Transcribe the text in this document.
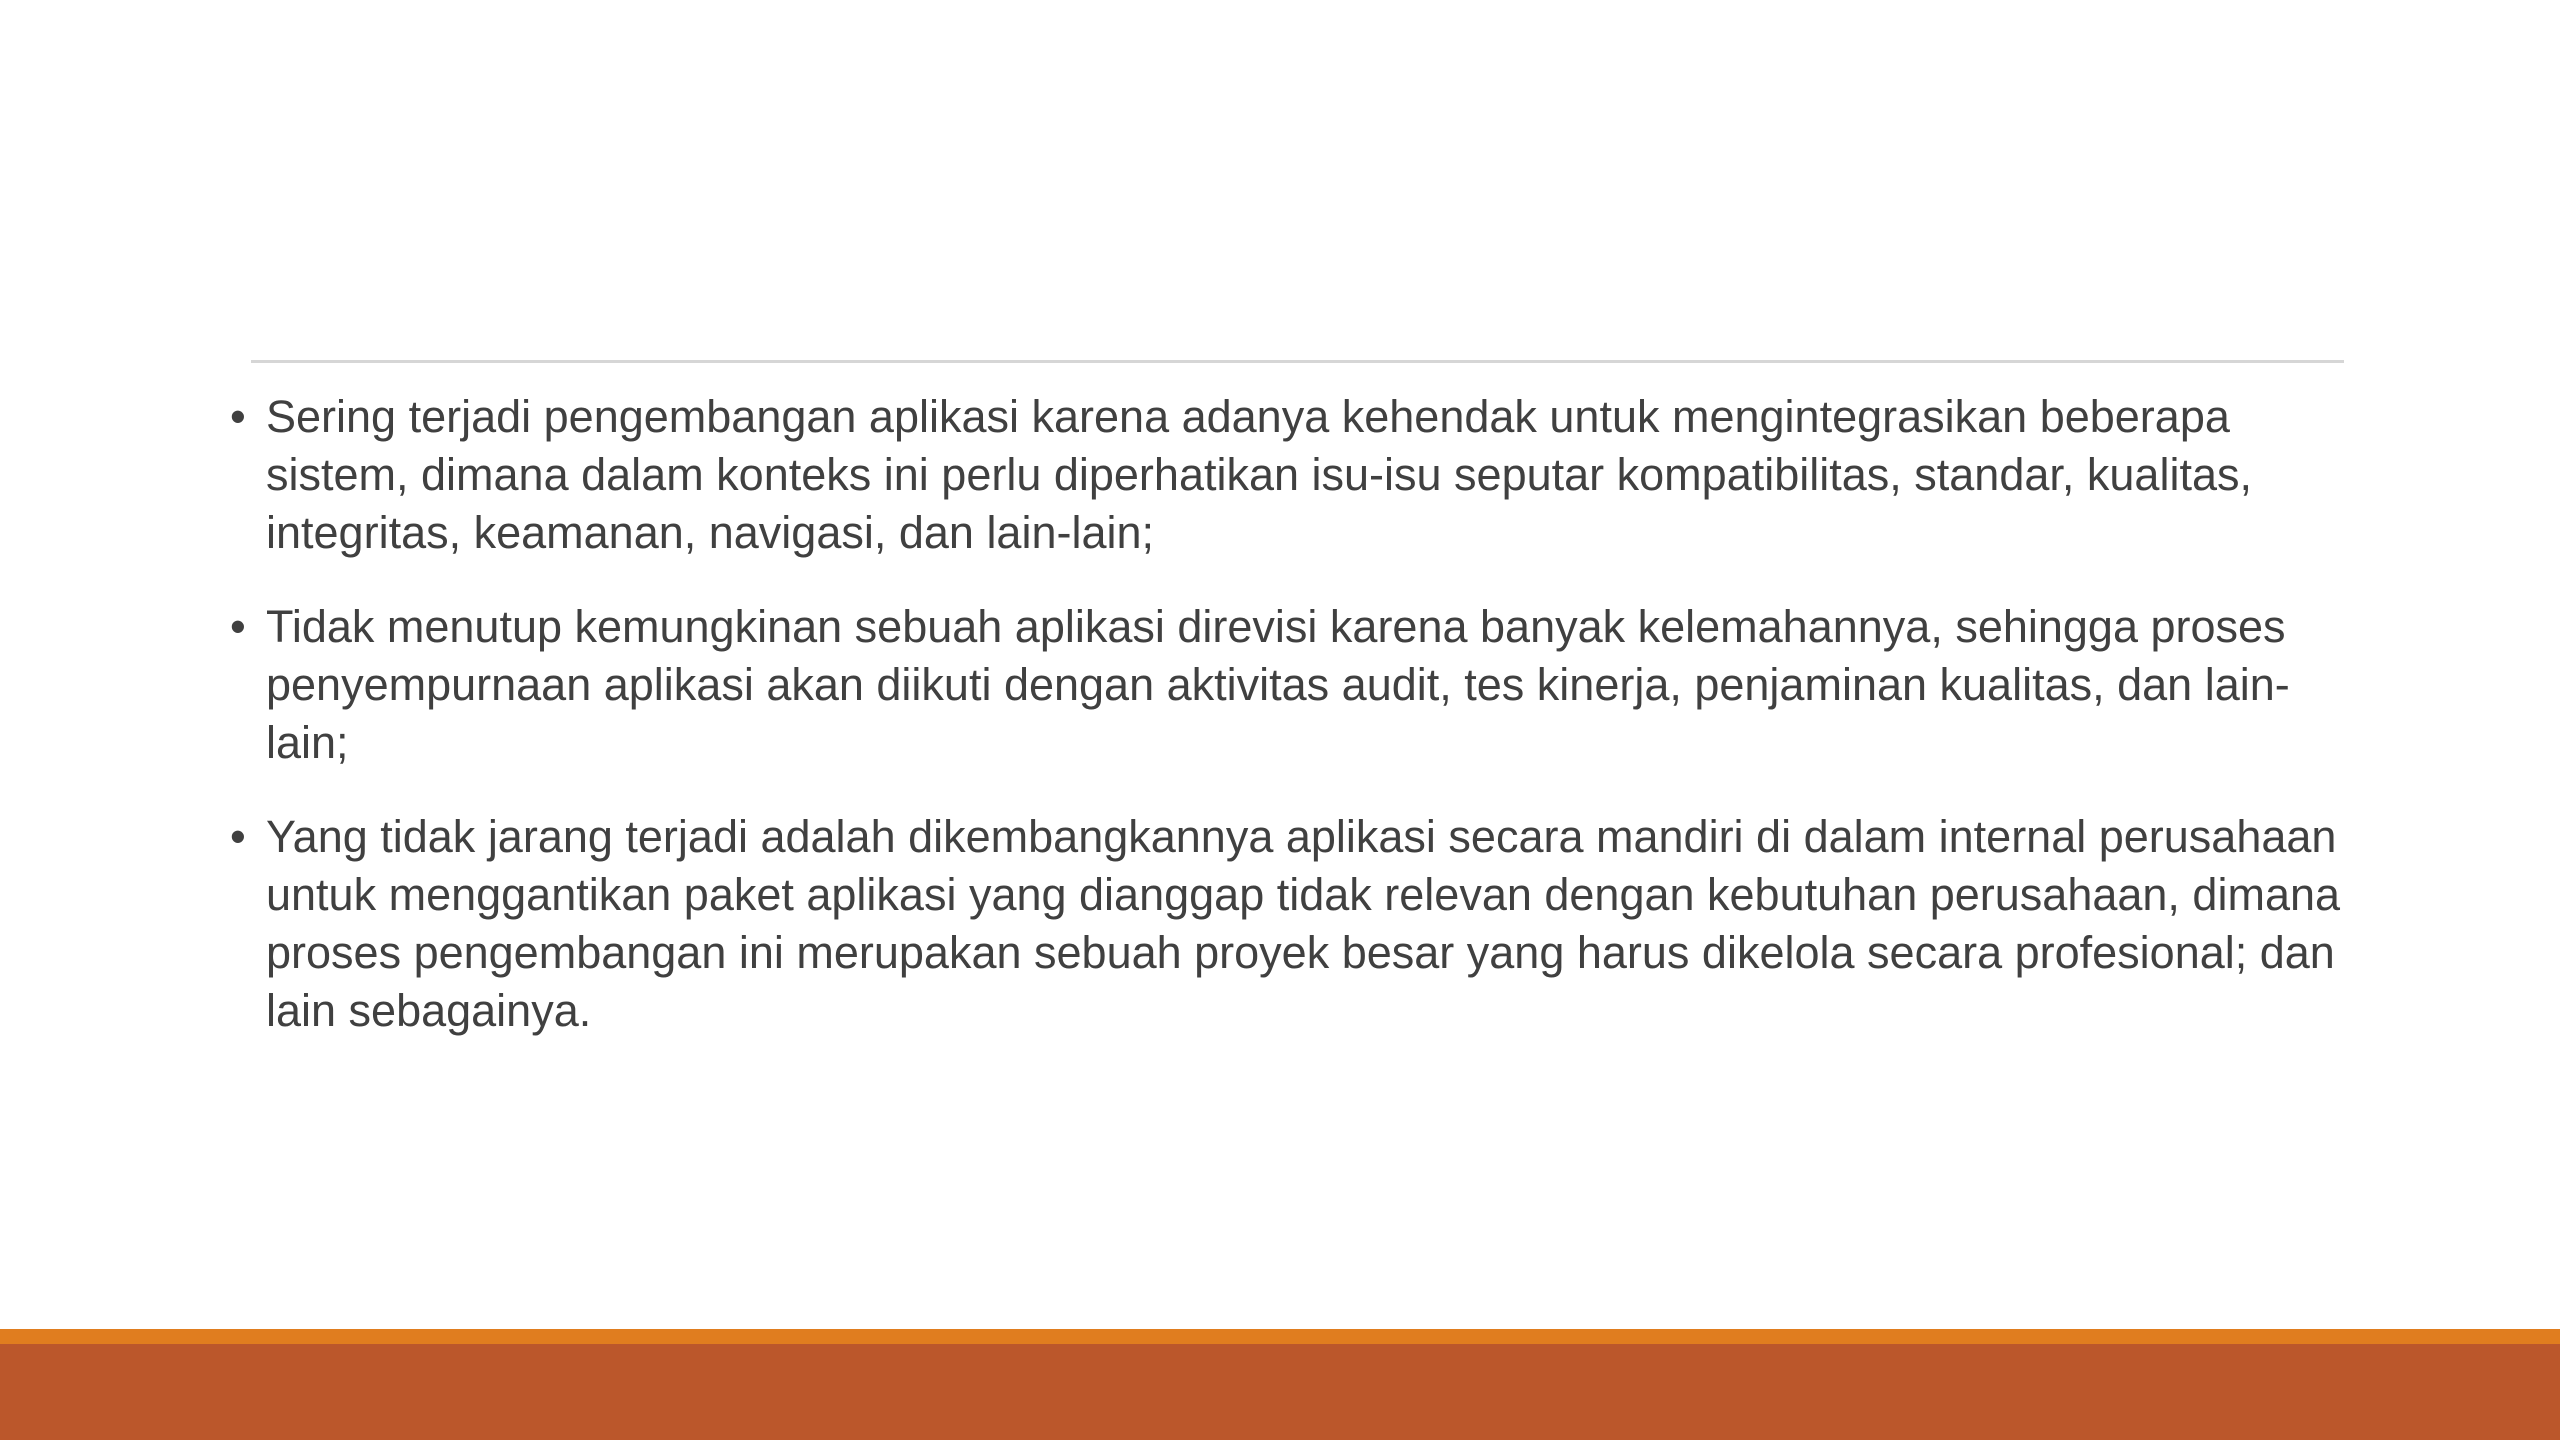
• Sering terjadi pengembangan aplikasi karena adanya kehendak untuk mengintegrasikan beberapa sistem, dimana dalam konteks ini perlu diperhatikan isu-isu seputar kompatibilitas, standar, kualitas, integritas, keamanan, navigasi, dan lain-lain;
• Tidak menutup kemungkinan sebuah aplikasi direvisi karena banyak kelemahannya, sehingga proses penyempurnaan aplikasi akan diikuti dengan aktivitas audit, tes kinerja, penjaminan kualitas, dan lain-lain;
• Yang tidak jarang terjadi adalah dikembangkannya aplikasi secara mandiri di dalam internal perusahaan untuk menggantikan paket aplikasi yang dianggap tidak relevan dengan kebutuhan perusahaan, dimana proses pengembangan ini merupakan sebuah proyek besar yang harus dikelola secara profesional; dan lain sebagainya.
